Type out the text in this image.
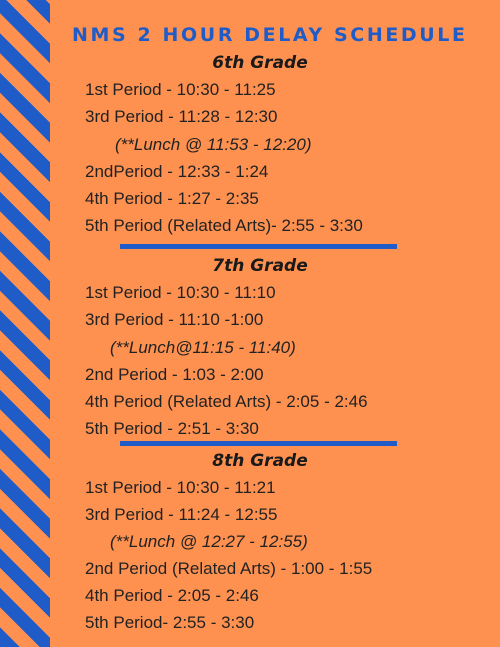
NMS 2 HOUR DELAY SCHEDULE
6th Grade
1st Period - 10:30 - 11:25
3rd Period - 11:28 - 12:30
(**Lunch @ 11:53 - 12:20)
2ndPeriod - 12:33 - 1:24
4th Period - 1:27 - 2:35
5th Period (Related Arts)- 2:55 - 3:30
7th Grade
1st Period - 10:30 - 11:10
3rd Period - 11:10 -1:00
(**Lunch@11:15 - 11:40)
2nd Period - 1:03 - 2:00
4th Period (Related Arts) - 2:05 - 2:46
5th Period - 2:51 - 3:30
8th Grade
1st Period - 10:30 - 11:21
3rd Period - 11:24 - 12:55
(**Lunch @ 12:27 - 12:55)
2nd Period (Related Arts) - 1:00 - 1:55
4th Period - 2:05 - 2:46
5th Period- 2:55 - 3:30
